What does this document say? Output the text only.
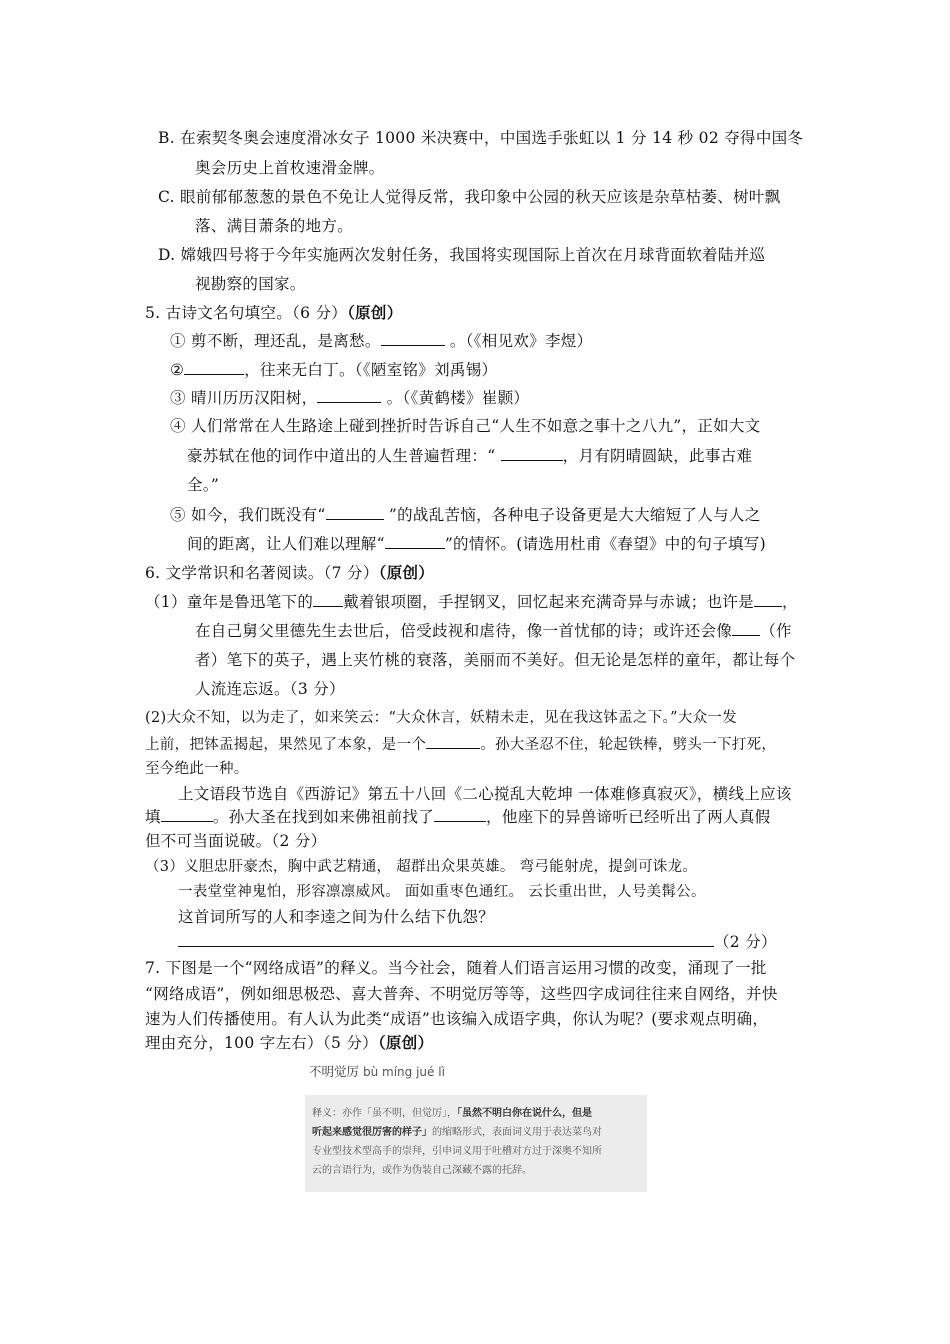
B. 在索契冬奥会速度滑冰女子 1000 米决赛中，中国选手张虹以 1 分 14 秒 02 夺得中国冬
奥会历史上首枚速滑金牌。
C. 眼前郁郁葱葱的景色不免让人觉得反常，我印象中公园的秋天应该是杂草枯萎、树叶飘
落、满目萧条的地方。
D. 嫦娥四号将于今年实施两次发射任务，我国将实现国际上首次在月球背面软着陆并巡
视勘察的国家。
5. 古诗文名句填空。（6 分）（原创）
① 剪不断，理还乱，是离愁。	。（《相见欢》李煜）
②	，往来无白丁。（《陋室铭》刘禹锡）
③ 晴川历历汉阳树，	。（《黄鹤楼》崔颢）
④ 人们常常在人生路途上碰到挫折时告诉自己“人生不如意之事十之八九”，正如大文
豪苏轼在他的词作中道出的人生普遍哲理：“	，月有阴晴圆缺，此事古难
全。”
⑤ 如今，我们既没有“	”的战乱苦恼，各种电子设备更是大大缩短了人与人之
间的距离，让人们难以理解“	”的情怀。(请选用杜甫《春望》中的句子填写)
6. 文学常识和名著阅读。（7 分）（原创）
（1）童年是鲁迅笔下的 戴着银项圈，手捏钢叉，回忆起来充满奇异与赤诚；也许是 ，
在自己舅父里德先生去世后，倍受歧视和虐待，像一首忧郁的诗；或许还会像 （作
者）笔下的英子，遇上夹竹桃的衰落，美丽而不美好。但无论是怎样的童年，都让每个
人流连忘返。（3 分）
(2)大众不知，以为走了，如来笑云：“大众休言，妖精未走，见在我这钵盂之下。”大众一发
上前，把钵盂揭起，果然见了本象，是一个	。孙大圣忍不住，轮起铁棒，劈头一下打死，
至今绝此一种。
上文语段节选自《西游记》第五十八回《二心搅乱大乾坤 一体难修真寂灭》，横线上应该
填	。孙大圣在找到如来佛祖前找了	，他座下的异兽谛听已经听出了两人真假
但不可当面说破。（2 分）
（3）义胆忠肝豪杰，胸中武艺精通， 超群出众果英雄。 弯弓能射虎，提剑可诛龙。
一表堂堂神鬼怕，形容凛凛威风。 面如重枣色通红。 云长重出世，人号美髯公。
这首词所写的人和李逵之间为什么结下仇怨？
（2 分）
7. 下图是一个“网络成语”的释义。当今社会，随着人们语言运用习惯的改变，涌现了一批
“网络成语”，例如细思极恐、喜大普奔、不明觉厉等等，这些四字成词往往来自网络，并快
速为人们传播使用。有人认为此类“成语”也该编入成语字典，你认为呢？(要求观点明确，
理由充分，100 字左右）（5 分）（原创）
不明觉厉 bù míng jué lì
释义：亦作「虽不明，但觉厉」，「虽然不明白你在说什么，但是
听起来感觉很厉害的样子」的缩略形式，表面词义用于表达菜鸟对
专业型技术型高手的崇拜，引申词义用于吐槽对方过于深奥不知所
云的言语行为，或作为伪装自己深藏不露的托辞。
